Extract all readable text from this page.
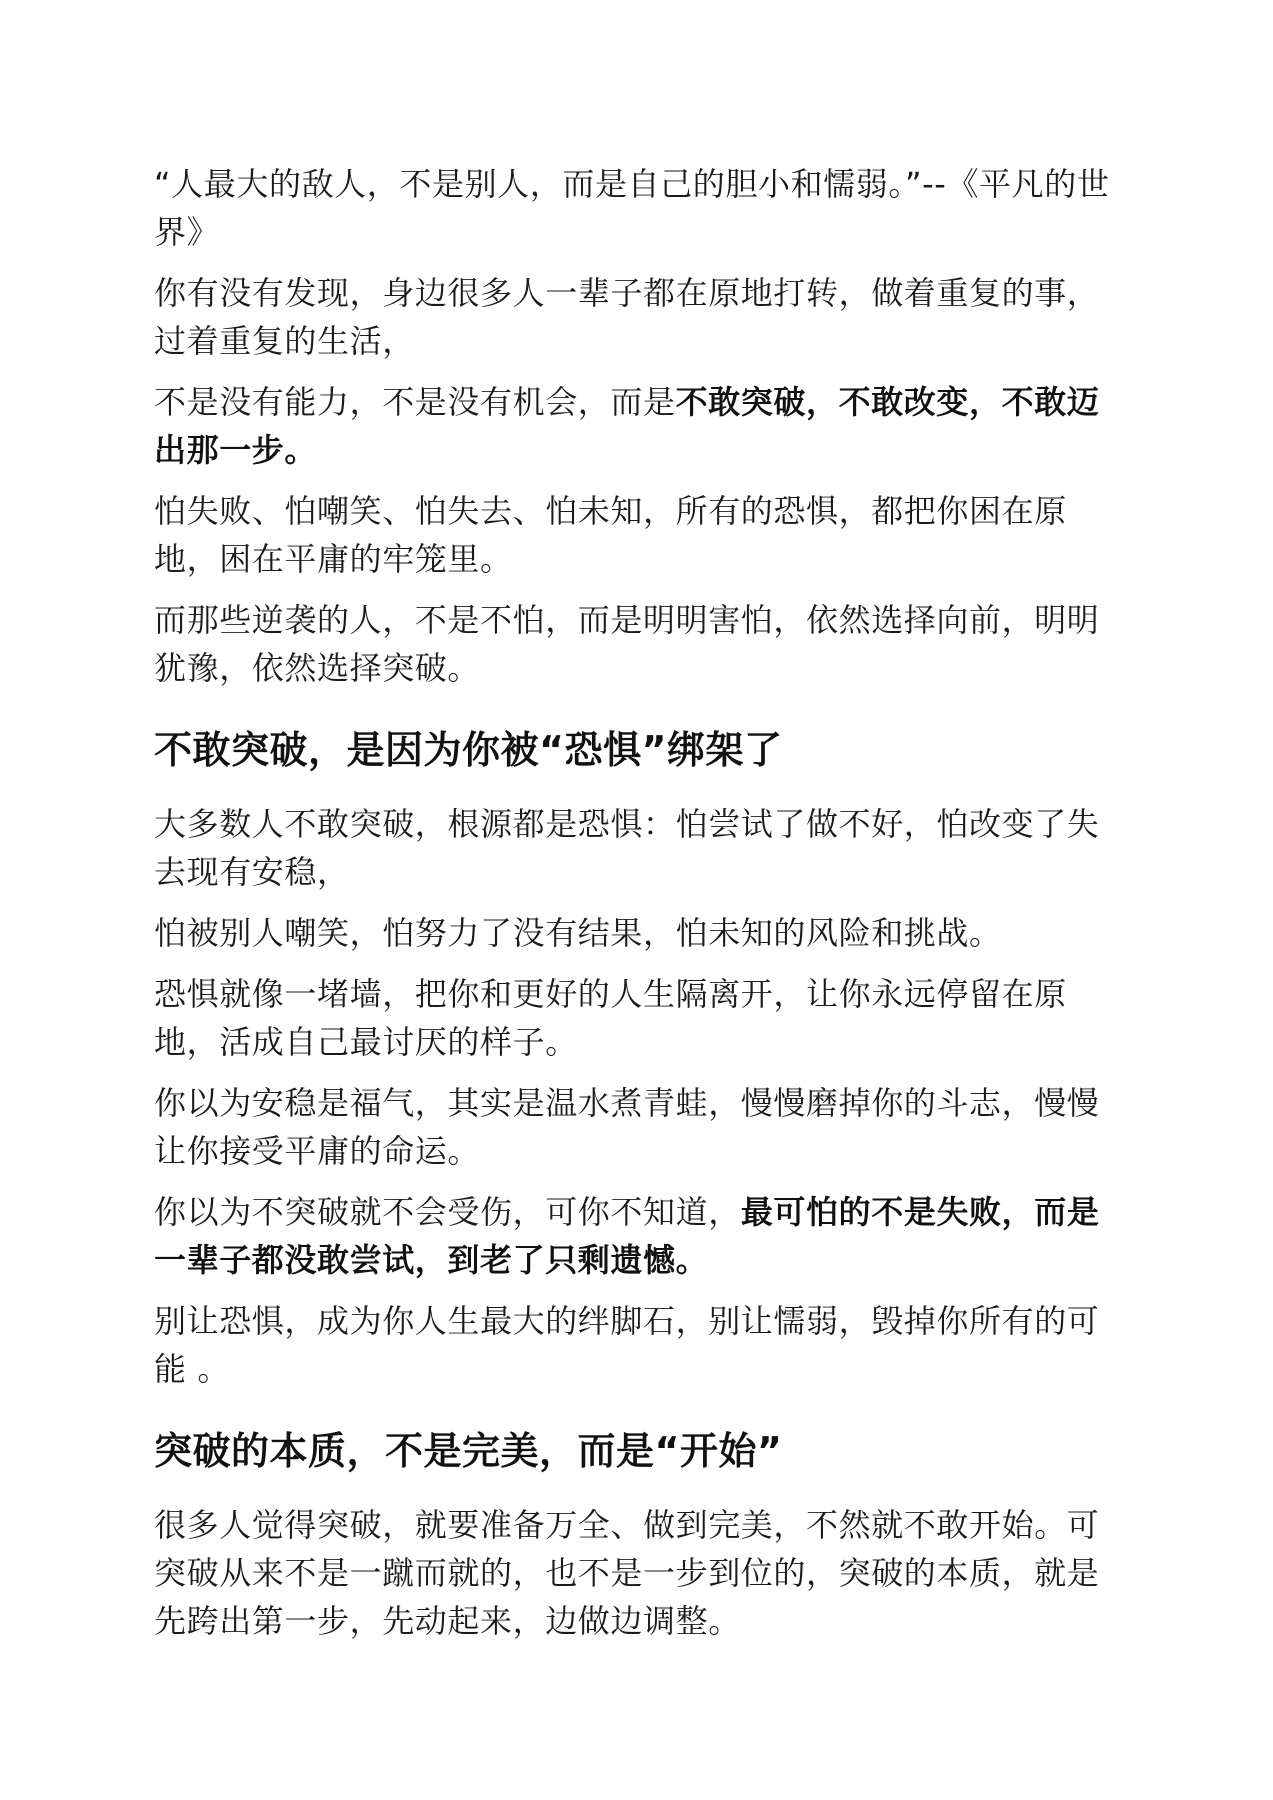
“人最大的敌人，不是别人，而是自己的胆小和懦弱。”--《平凡的世界》

你有没有发现，身边很多人一辈子都在原地打转，做着重复的事，过着重复的生活，

不是没有能力，不是没有机会，而是不敢突破，不敢改变，不敢迈出那一步。

怕失败、怕嘲笑、怕失去、怕未知，所有的恐惧，都把你困在原地，困在平庸的牢笼里。

而那些逆袭的人，不是不怕，而是明明害怕，依然选择向前，明明犹豫，依然选择突破。

不敢突破，是因为你被“恐惧”绑架了

大多数人不敢突破，根源都是恐惧：怕尝试了做不好，怕改变了失去现有安稳，

怕被别人嘲笑，怕努力了没有结果，怕未知的风险和挑战。

恐惧就像一堵墙，把你和更好的人生隔离开，让你永远停留在原地，活成自己最讨厌的样子。

你以为安稳是福气，其实是温水煮青蛙，慢慢磨掉你的斗志，慢慢让你接受平庸的命运。

你以为不突破就不会受伤，可你不知道，最可怕的不是失败，而是一辈子都没敢尝试，到老了只剩遗憾。

别让恐惧，成为你人生最大的绊脚石，别让懦弱，毁掉你所有的可 能 。

突破的本质，不是完美，而是“开始”

很多人觉得突破，就要准备万全、做到完美，不然就不敢开始。可突破从来不是一蹴而就的，也不是一步到位的，突破的本质，就是先跨出第一步，先动起来，边做边调整。
